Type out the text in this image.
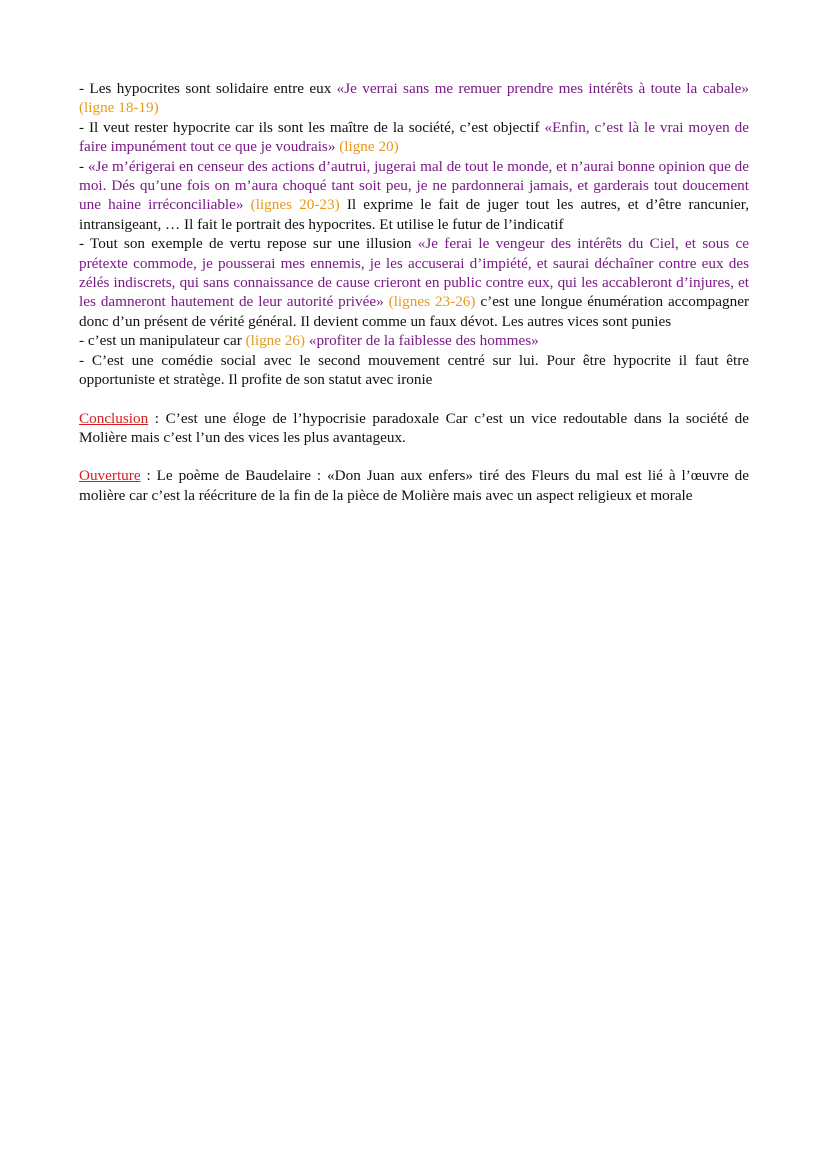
- Les hypocrites sont solidaire entre eux «Je verrai sans me remuer prendre mes intérêts à toute la cabale» (ligne 18-19)

- Il veut rester hypocrite car ils sont les maître de la société, c’est objectif «Enfin, c’est là le vrai moyen de faire impunément tout ce que je voudrais» (ligne 20)

- «Je m’érigerai en censeur des actions d’autrui, jugerai mal de tout le monde, et n’aurai bonne opinion que de moi. Dés qu’une fois on m’aura choqué tant soit peu, je ne pardonnerai jamais, et garderais tout doucement une haine irréconciliable» (lignes 20-23) Il exprime le fait de juger tout les autres, et d’être rancunier, intransigeant, … Il fait le portrait des hypocrites. Et utilise le futur de l’indicatif

- Tout son exemple de vertu repose sur une illusion «Je ferai le vengeur des intérêts du Ciel, et sous ce prétexte commode, je pousserai mes ennemis, je les accuserai d’impiété, et saurai déchaîner contre eux des zélés indiscrets, qui sans connaissance de cause crieront en public contre eux, qui les accableront d’injures, et les damneront hautement de leur autorité privée» (lignes 23-26) c’est une longue énumération accompagner donc d’un présent de vérité général. Il devient comme un faux dévot. Les autres vices sont punies

- c’est un manipulateur car (ligne 26) «profiter de la faiblesse des hommes»

- C’est une comédie social avec le second mouvement centré sur lui. Pour être hypocrite il faut être opportuniste et stratège. Il profite de son statut avec ironie

Conclusion : C’est une éloge de l’hypocrisie paradoxale Car c’est un vice redoutable dans la société de Molière mais c’est l’un des vices les plus avantageux.

Ouverture : Le poème de Baudelaire : «Don Juan aux enfers» tiré des Fleurs du mal est lié à l’œuvre de molière car c’est la réécriture de la fin de la pièce de Molière mais avec un aspect religieux et morale
